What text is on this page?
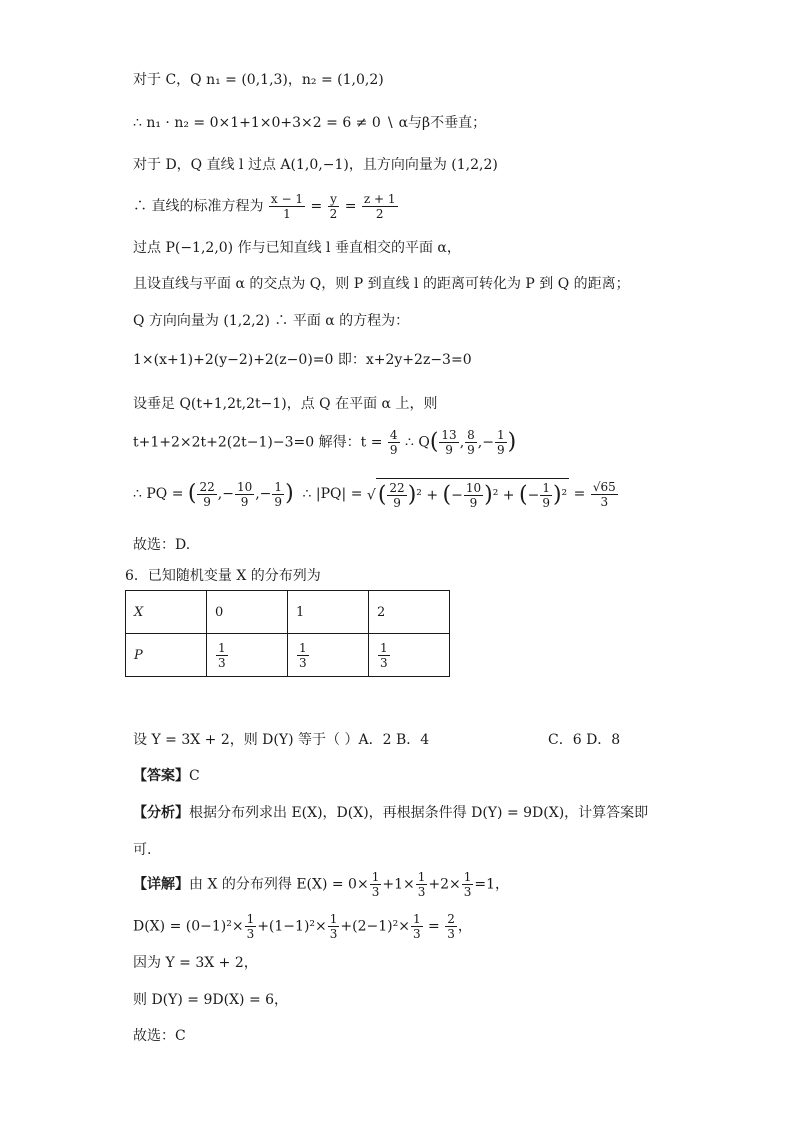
对于 C，Q n₁ = (0,1,3)，n₂ = (1,0,2)
∴ n₁ · n₂ = 0×1+1×0+3×2 = 6 ≠ 0 ∖ α与β不垂直；
对于 D，Q 直线 l 过点 A(1,0,−1)，且方向向量为 (1,2,2)
∴ 直线的标准方程为 $\frac{x - 1}{1} = \frac{y}{2} = \frac{z + 1}{2}$
过点 P(−1,2,0) 作与已知直线 l 垂直相交的平面 α，
且设直线与平面 α 的交点为 Q，则 P 到直线 l 的距离可转化为 P 到 Q 的距离；
Q 方向向量为 (1,2,2) ∴ 平面 α 的方程为：
1×(x+1)+2(y−2)+2(z−0)=0 即：x+2y+2z−3=0
设垂足 Q(t+1,2t,2t−1)，点 Q 在平面 α 上，则
t+1+2×2t+2(2t−1)−3=0 解得：$t = \frac{4}{9}$ ∴ $Q( \frac{13}{9}$ , $\frac{8}{9}$ ,− $\frac{1}{9}$ )
∴ PQ = ( $\frac{22}{9}$ ,− $\frac{10}{9}$ ,− $\frac{1}{9}$ )  ∴ |PQ| = √( $\frac{22}{9} )^2$ + (− $\frac{10}{9} )^2$ + (− $\frac{1}{9} )^2 = \frac{√65}{3}$
故选：D.
6．已知随机变量 X 的分布列为
X	0	1	2
P	$\frac{1}{3}$	$\frac{1}{3}$	$\frac{1}{3}$
设 Y = 3X + 2，则 D(Y) 等于（ ）A．2 B．4	C．6 D．8
【答案】C
【分析】根据分布列求出 E(X)，D(X)，再根据条件得 D(Y) = 9D(X)，计算答案即
可.
【详解】由 X 的分布列得 $E(X) = 0\times \frac{1}{3} +1\times \frac{1}{3} +2\times \frac{1}{3} =1$，
$D(X) = (0-1)^2\times \frac{1}{3} +(1-1)^2\times \frac{1}{3} +(2-1)^2\times \frac{1}{3} = \frac{2}{3}$ ，
因为 Y = 3X + 2，
则 D(Y) = 9D(X) = 6，
故选：C
